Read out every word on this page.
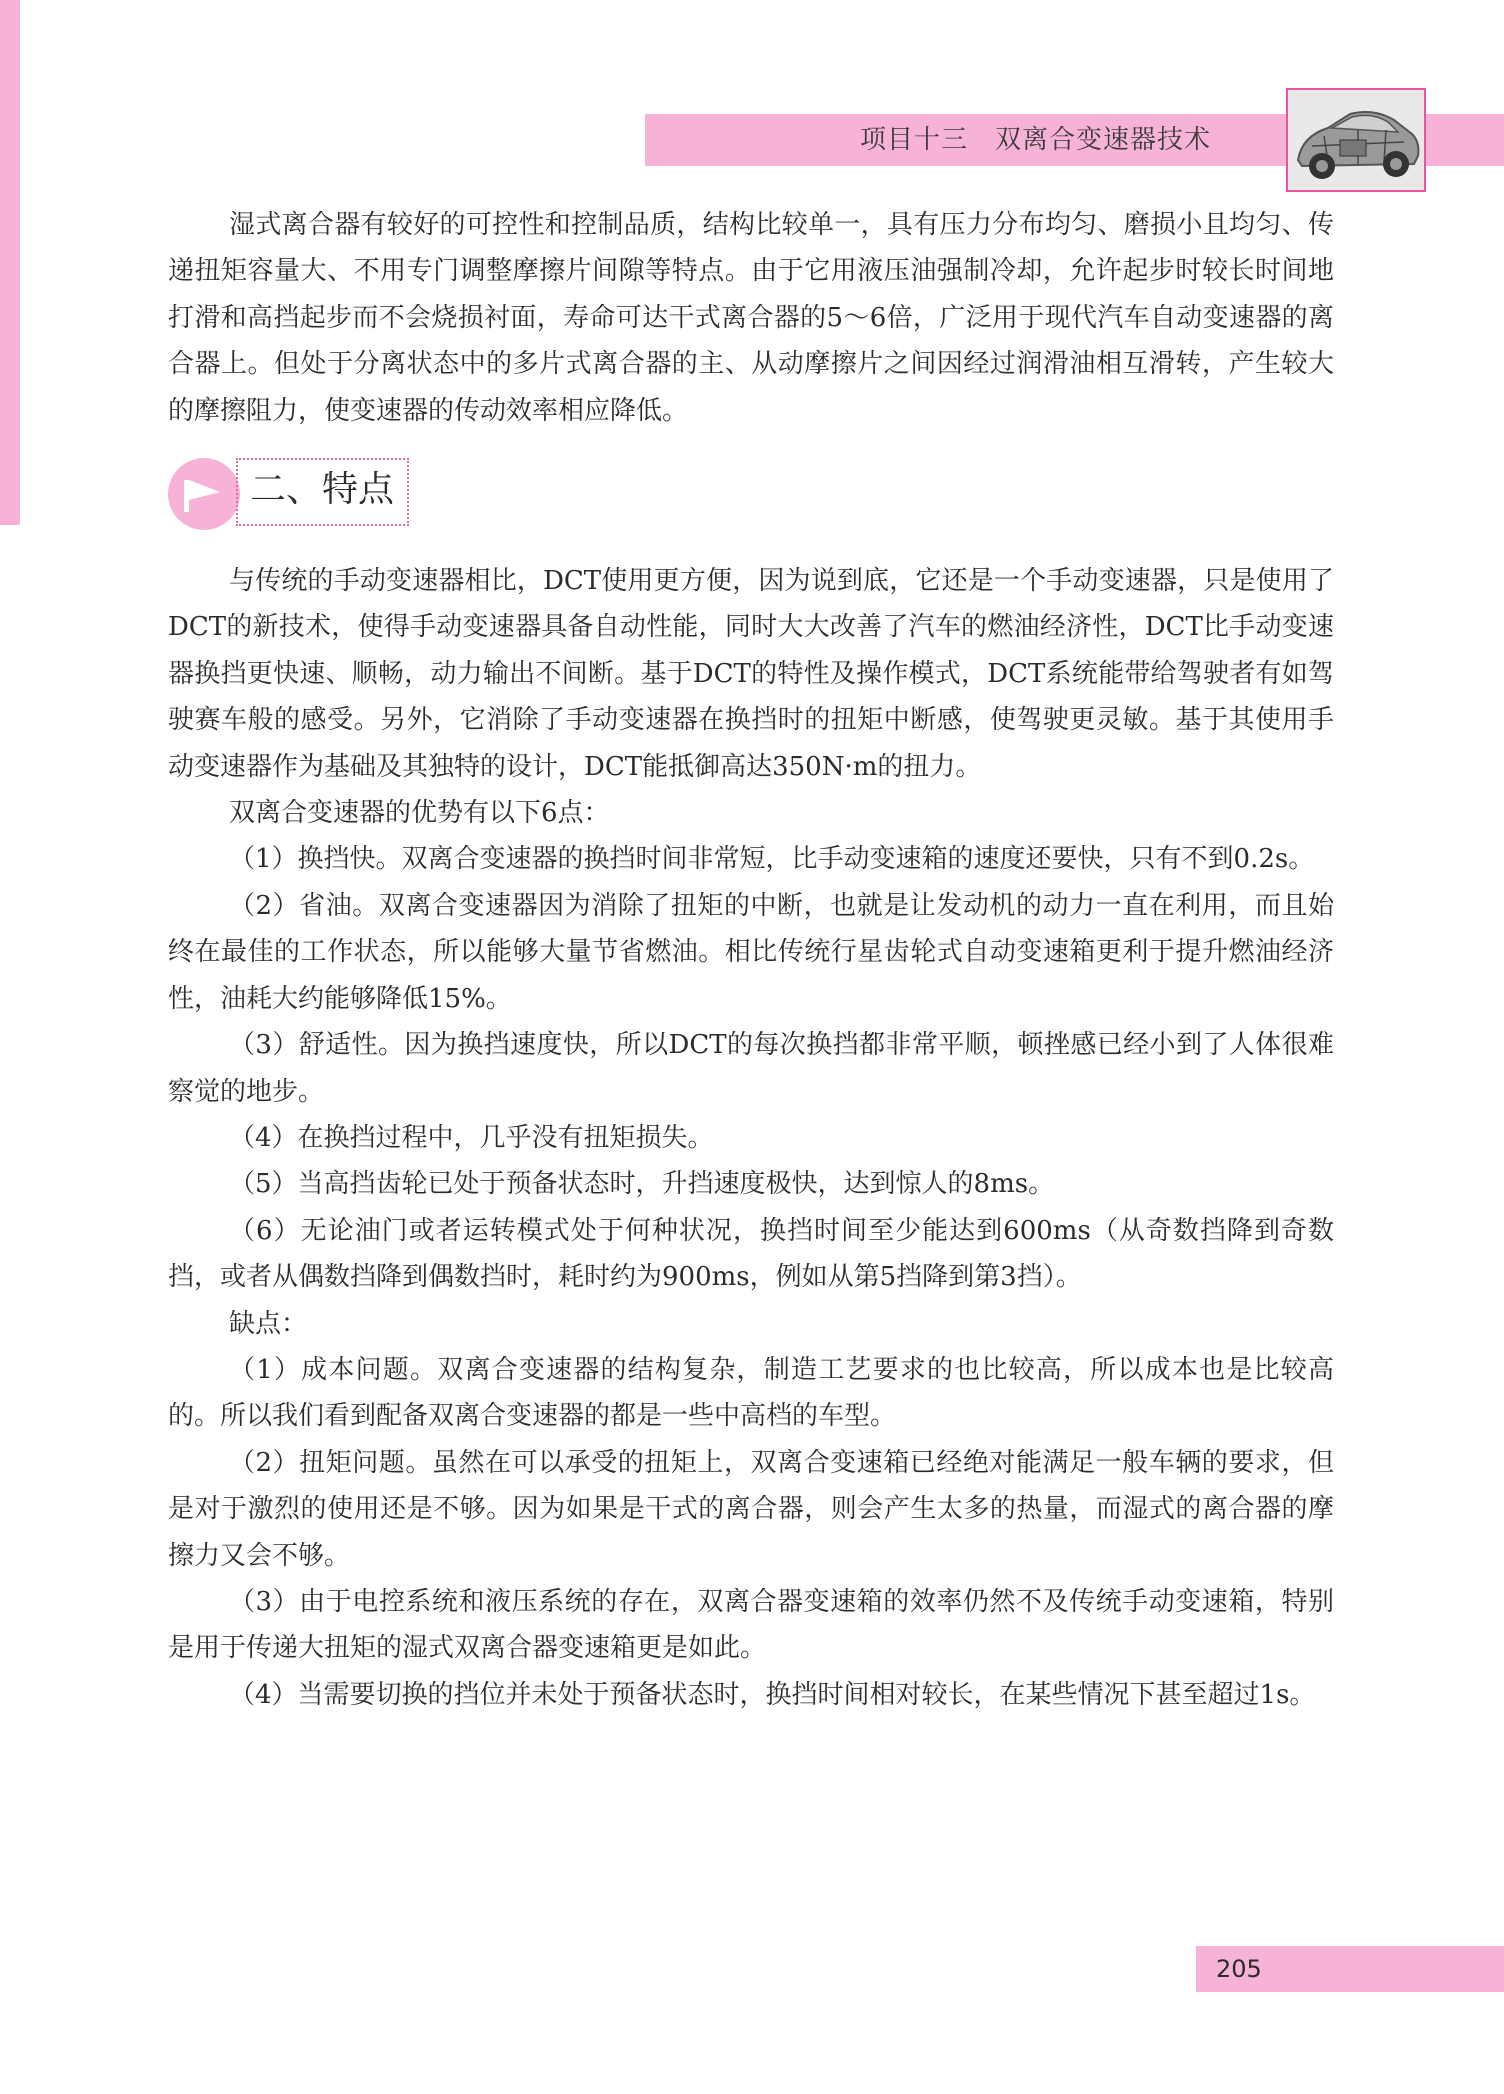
项目十三　双离合变速器技术

湿式离合器有较好的可控性和控制品质，结构比较单一，具有压力分布均匀、磨损小且均匀、传递扭矩容量大、不用专门调整摩擦片间隙等特点。由于它用液压油强制冷却，允许起步时较长时间地打滑和高挡起步而不会烧损衬面，寿命可达干式离合器的5～6倍，广泛用于现代汽车自动变速器的离合器上。但处于分离状态中的多片式离合器的主、从动摩擦片之间因经过润滑油相互滑转，产生较大的摩擦阻力，使变速器的传动效率相应降低。

二、特点

与传统的手动变速器相比，DCT使用更方便，因为说到底，它还是一个手动变速器，只是使用了DCT的新技术，使得手动变速器具备自动性能，同时大大改善了汽车的燃油经济性，DCT比手动变速器换挡更快速、顺畅，动力输出不间断。基于DCT的特性及操作模式，DCT系统能带给驾驶者有如驾驶赛车般的感受。另外，它消除了手动变速器在换挡时的扭矩中断感，使驾驶更灵敏。基于其使用手动变速器作为基础及其独特的设计，DCT能抵御高达350N·m的扭力。

双离合变速器的优势有以下6点：

（1）换挡快。双离合变速器的换挡时间非常短，比手动变速箱的速度还要快，只有不到0.2s。

（2）省油。双离合变速器因为消除了扭矩的中断，也就是让发动机的动力一直在利用，而且始终在最佳的工作状态，所以能够大量节省燃油。相比传统行星齿轮式自动变速箱更利于提升燃油经济性，油耗大约能够降低15%。

（3）舒适性。因为换挡速度快，所以DCT的每次换挡都非常平顺，顿挫感已经小到了人体很难察觉的地步。

（4）在换挡过程中，几乎没有扭矩损失。

（5）当高挡齿轮已处于预备状态时，升挡速度极快，达到惊人的8ms。

（6）无论油门或者运转模式处于何种状况，换挡时间至少能达到600ms（从奇数挡降到奇数挡，或者从偶数挡降到偶数挡时，耗时约为900ms，例如从第5挡降到第3挡）。

缺点：

（1）成本问题。双离合变速器的结构复杂，制造工艺要求的也比较高，所以成本也是比较高的。所以我们看到配备双离合变速器的都是一些中高档的车型。

（2）扭矩问题。虽然在可以承受的扭矩上，双离合变速箱已经绝对能满足一般车辆的要求，但是对于激烈的使用还是不够。因为如果是干式的离合器，则会产生太多的热量，而湿式的离合器的摩擦力又会不够。

（3）由于电控系统和液压系统的存在，双离合器变速箱的效率仍然不及传统手动变速箱，特别是用于传递大扭矩的湿式双离合器变速箱更是如此。

（4）当需要切换的挡位并未处于预备状态时，换挡时间相对较长，在某些情况下甚至超过1s。

205
